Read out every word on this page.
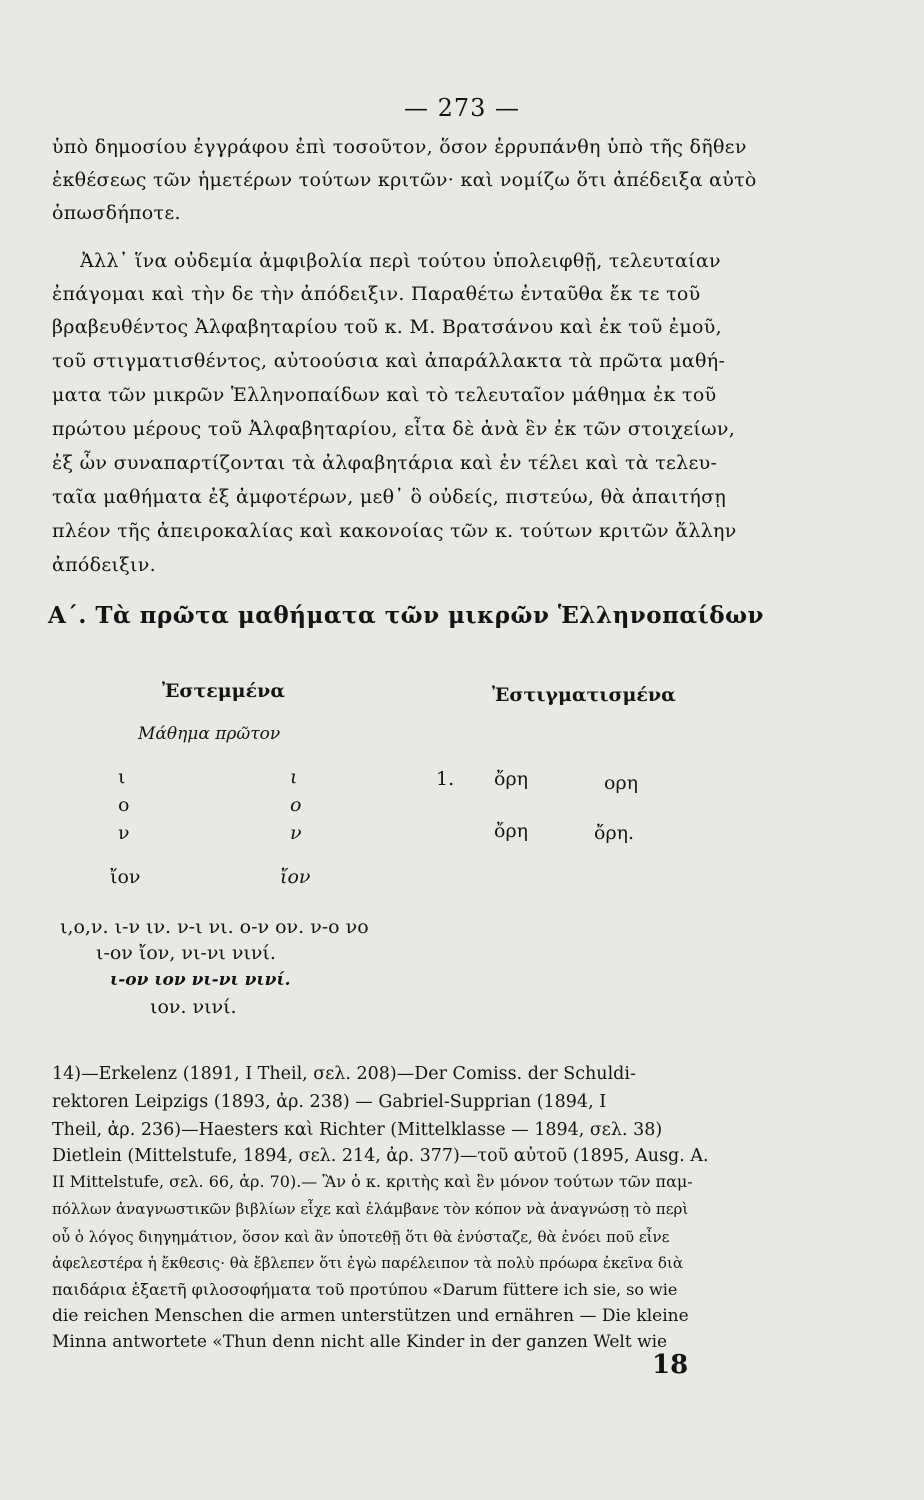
— 273 —
ὑπὸ δημοσίου ἐγγράφου ἐπὶ τοσοῦτον, ὅσον ἐρρυπάνθη ὑπὸ τῆς δῆθεν
ἐκθέσεως τῶν ἡμετέρων τούτων κριτῶν· καὶ νομίζω ὅτι ἀπέδειξα αὐτὸ
ὁπωσδήποτε.
Ἀλλ᾽ ἵνα οὐδεμία ἀμφιβολία περὶ τούτου ὑπολειφθῇ, τελευταίαν
ἐπάγομαι καὶ τὴν δε τὴν ἀπόδειξιν. Παραθέτω ἐνταῦθα ἔκ τε τοῦ
βραβευθέντος Ἀλφαβηταρίου τοῦ κ. Μ. Βρατσάνου καὶ ἐκ τοῦ ἐμοῦ,
τοῦ στιγματισθέντος, αὐτοούσια καὶ ἀπαράλλακτα τὰ πρῶτα μαθή-
ματα τῶν μικρῶν Ἑλληνοπαίδων καὶ τὸ τελευταῖον μάθημα ἐκ τοῦ
πρώτου μέρους τοῦ Ἀλφαβηταρίου, εἶτα δὲ ἀνὰ ἓν ἐκ τῶν στοιχείων,
ἐξ ὧν συναπαρτίζονται τὰ ἀλφαβητάρια καὶ ἐν τέλει καὶ τὰ τελευ-
ταῖα μαθήματα ἐξ ἀμφοτέρων, μεθ᾽ ὃ οὐδείς, πιστεύω, θὰ ἀπαιτήσῃ
πλέον τῆς ἀπειροκαλίας καὶ κακονοίας τῶν κ. τούτων κριτῶν ἄλλην
ἀπόδειξιν.
Α΄. Τὰ πρῶτα μαθήματα τῶν μικρῶν Ἑλληνοπαίδων
Ἐστεμμένα	Ἐστιγματισμένα
Μάθημα πρῶτον
ι	ι
ο	ο
ν	ν
ἴον	ἴον
1. ὄρη	ορη
ὄρη	ὄρη.
ι,ο,ν. ι-ν ιν. ν-ι νι. ο-ν ον. ν-ο νο
ι-ον ἴον, νι-νι νινί.
ι-ον ιον νι-νι νινί.
ιον. νινί.
14)—Erkelenz (1891, I Theil, σελ. 208)—Der Comiss. der Schuldi-
rektoren Leipzigs (1893, ἀρ. 238) — Gabriel-Supprian (1894, I
Theil, ἀρ. 236)—Haesters καὶ Richter (Mittelklasse — 1894, σελ. 38)
Dietlein (Mittelstufe, 1894, σελ. 214, ἀρ. 377)—τοῦ αὐτοῦ (1895, Ausg. A.
II Mittelstufe, σελ. 66, ἀρ. 70).— Ἂν ὁ κ. κριτὴς καὶ ἓν μόνον τούτων τῶν παμ-
πόλλων ἀναγνωστικῶν βιβλίων εἶχε καὶ ἐλάμβανε τὸν κόπον νὰ ἀναγνώσῃ τὸ περὶ
οὗ ὁ λόγος διηγημάτιον, ὅσον καὶ ἂν ὑποτεθῇ ὅτι θὰ ἐνύσταζε, θὰ ἐνόει ποῦ εἶνε
ἀφελεστέρα ἡ ἔκθεσις· θὰ ἔβλεπεν ὅτι ἐγὼ παρέλειπον τὰ πολὺ πρόωρα ἐκεῖνα διὰ
παιδάρια ἑξαετῆ φιλοσοφήματα τοῦ προτύπου «Darum fütterе ich sie, so wie
die reichen Menschen die armen unterstützen und ernähren — Die kleine
Minna antwortete «Thun denn nicht alle Kinder in der ganzen Welt wie
18
